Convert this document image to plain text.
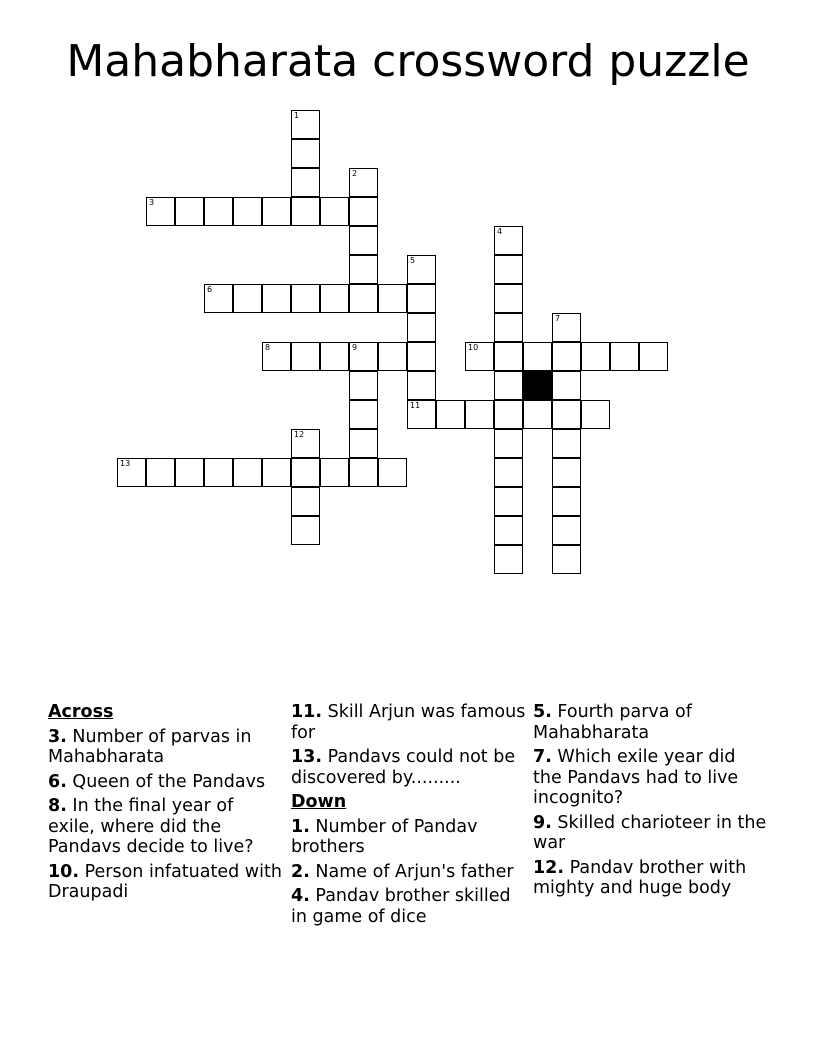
Mahabharata crossword puzzle
1
2
3
4
5
11
6
7
8	9	10
12
13
Across
3. Number of parvas in Mahabharata
6. Queen of the Pandavs
8. In the final year of exile, where did the Pandavs decide to live?
10. Person infatuated with Draupadi
11. Skill Arjun was famous for
13. Pandavs could not be discovered by.........
Down
1. Number of Pandav brothers
2. Name of Arjun's father
4. Pandav brother skilled in game of dice
5. Fourth parva of Mahabharata
7. Which exile year did the Pandavs had to live incognito?
9. Skilled charioteer in the war
12. Pandav brother with mighty and huge body
